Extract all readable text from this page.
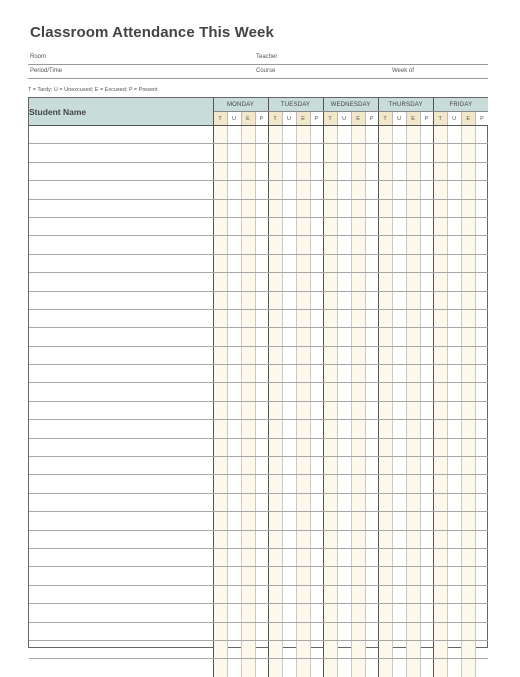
Classroom Attendance This Week
Room	Teacher
Period/Time	Course	Week of
T = Tardy; U = Unexcused; E = Excused; P = Present
Student Name	MONDAY				TUESDAY				WEDNESDAY				THURSDAY				FRIDAY			
	T	U	E	P	T	U	E	P	T	U	E	P	T	U	E	P	T	U	E	P
